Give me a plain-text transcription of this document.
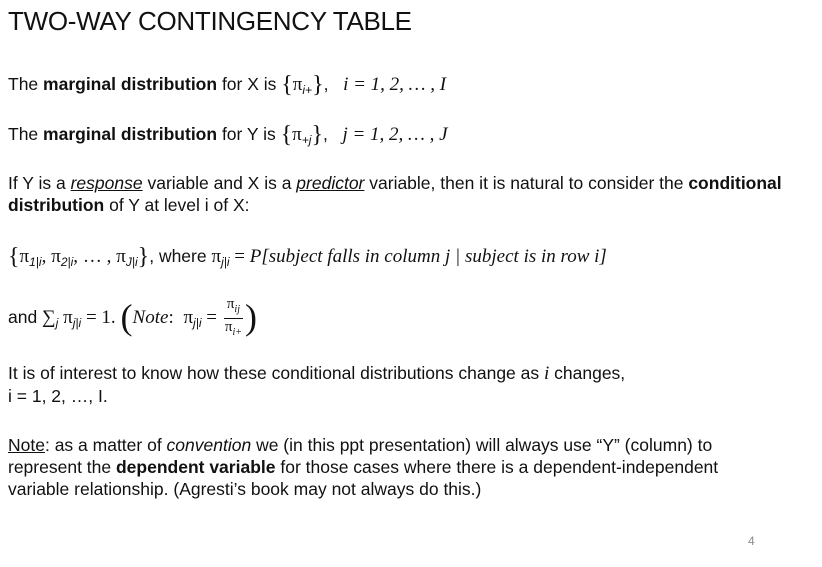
TWO-WAY CONTINGENCY TABLE
The marginal distribution for X is $\{\pi_{i+}\}$,   i = 1, 2, … , I
The marginal distribution for Y is $\{\pi_{+j}\}$,   j = 1, 2, … , J
If Y is a response variable and X is a predictor variable, then it is natural to consider the conditional
distribution of Y at level i of X:
{$\pi_{1|i}$, $\pi_{2|i}$, … , $\pi_{J|i}$}, where $\pi_{j|i}$ = P[subject falls in column j | subject is in row i]
and $\sum_j$ $\pi_{j|i} = 1$. (Note: $\pi_{j|i} = \frac{\pi_{ij}}{\pi_{i+}}$ )
It is of interest to know how these conditional distributions change as i changes,
i = 1, 2, …, I.
Note: as a matter of convention we (in this ppt presentation) will always use “Y” (column) to
represent the dependent variable for those cases where there is a dependent-independent
variable relationship. (Agresti’s book may not always do this.)
4
